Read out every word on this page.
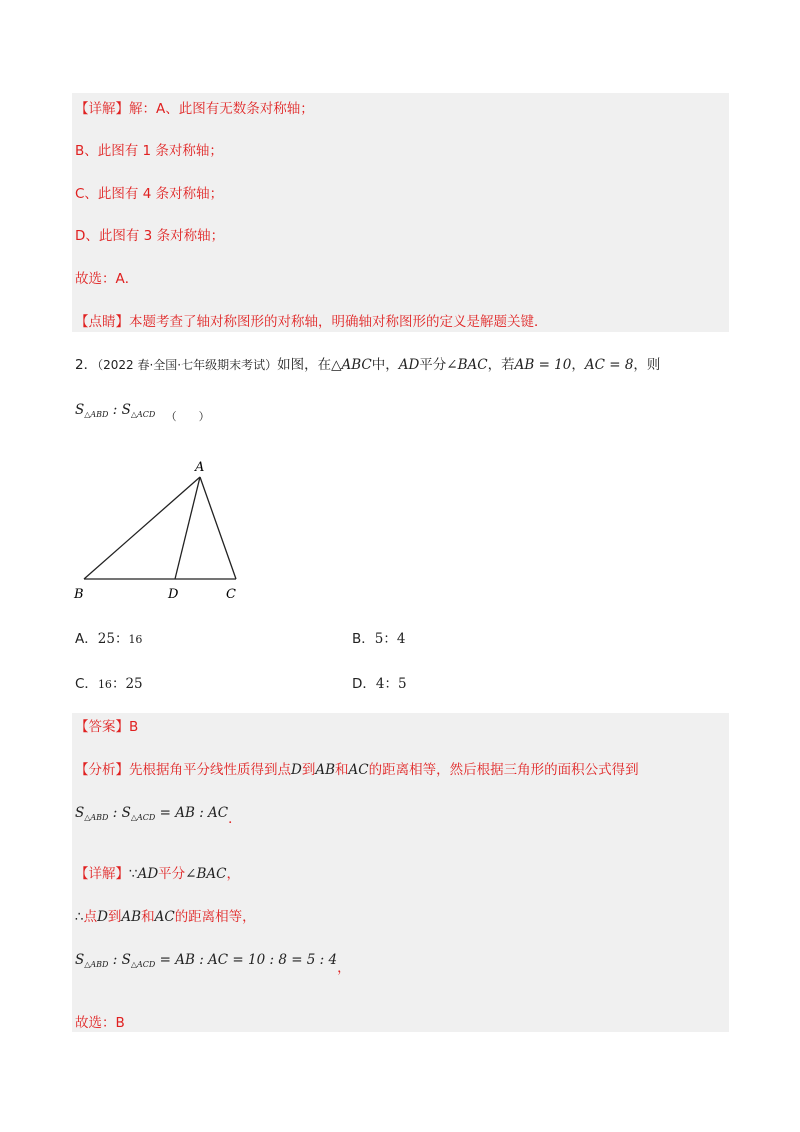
【详解】解：A、此图有无数条对称轴；
B、此图有 1 条对称轴；
C、此图有 4 条对称轴；
D、此图有 3 条对称轴；
故选：A．
【点睛】本题考查了轴对称图形的对称轴，明确轴对称图形的定义是解题关键．
2．（2022 春·全国·七年级期末考试）如图，在△ABC中，AD平分∠BAC，若AB = 10，AC = 8，则
$S_{\triangle ABD}$ : $S_{\triangle ACD}$ $_{( )}$
A
B	D	C
A．25：16	B．5：4
C．16：25	D．4：5
【答案】B
【分析】先根据角平分线性质得到点D到AB和AC的距离相等，然后根据三角形的面积公式得到
$S_{\triangle ABD}$ : $S_{\triangle ACD}$ = AB : AC．
【详解】∵AD平分∠BAC，
∴点D到AB和AC的距离相等，
$S_{\triangle ABD}$ : $S_{\triangle ACD}$ = AB : AC = 10 : 8 = 5 : 4，
故选：B
